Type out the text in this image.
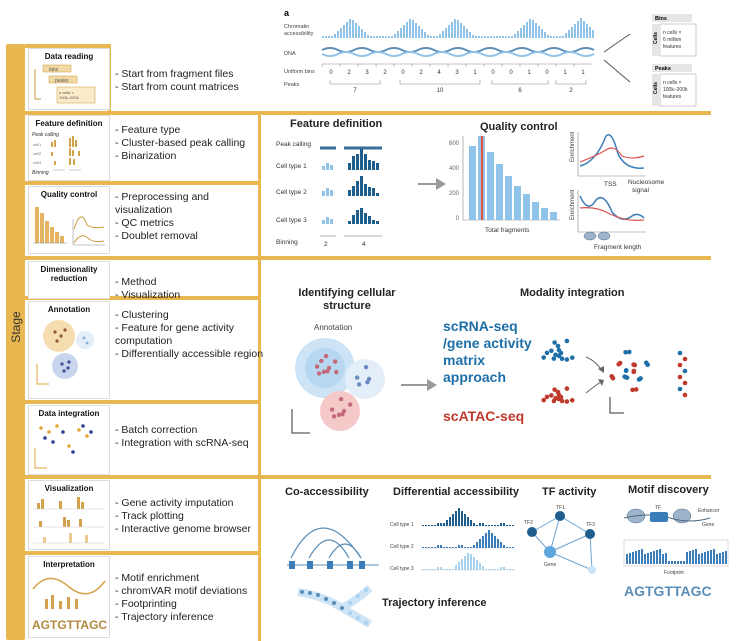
Stage
Data reading
bins
peaks
n cells ×
100k–200k
- Start from fragment files
- Start from count matrices
Feature definition
Peak calling
cell1
cell2
cell3
Binning
- Feature type
- Cluster-based peak calling
- Binarization
Quality control	- Preprocessing and
visualization
- QC metrics
- Doublet removal
Dimensionality reduction	- Method
- Visualization
Annotation	- Clustering
- Feature for gene activity
computation
- Differentially accessible region
Data integration
- Batch correction
- Integration with scRNA-seq
Visualization
- Gene activity imputation
- Track plotting
- Interactive genome browser
Interpretation
AGTGTTAGC
- Motif enrichment
- chromVAR motif deviations
- Footprinting
- Trajectory inference
a
Chromatin
accessibility
DNA
Uniform bins
Peaks
0 2 3 2 0 2 4 3 1 0 0 1 0 1 1
7	10	6	2
Bins
Cells n cells ×
6 million
features
Peaks
Cells n cells ×
100k–200k
features
Feature definition
Peak calling
Cell type 1
Cell type 2
Cell type 3
Binning	2	4
Quality control
600
400
200
0
Total fragments
Enrichment
TSS
Enrichment
Nucleosome
signal
Fragment length
Identifying cellular structure
Annotation
Modality integration
scRNA-seq /gene activity matrix approach
scATAC-seq
Co-accessibility Differential accessibility
Cell type 1
Cell type 2
Cell type 3
TF activity
TF2
TF1
TF3
Gene
Motif discovery
TF	Enhancer
Gene
Footprint
AGTGTTAGC
Trajectory inference
